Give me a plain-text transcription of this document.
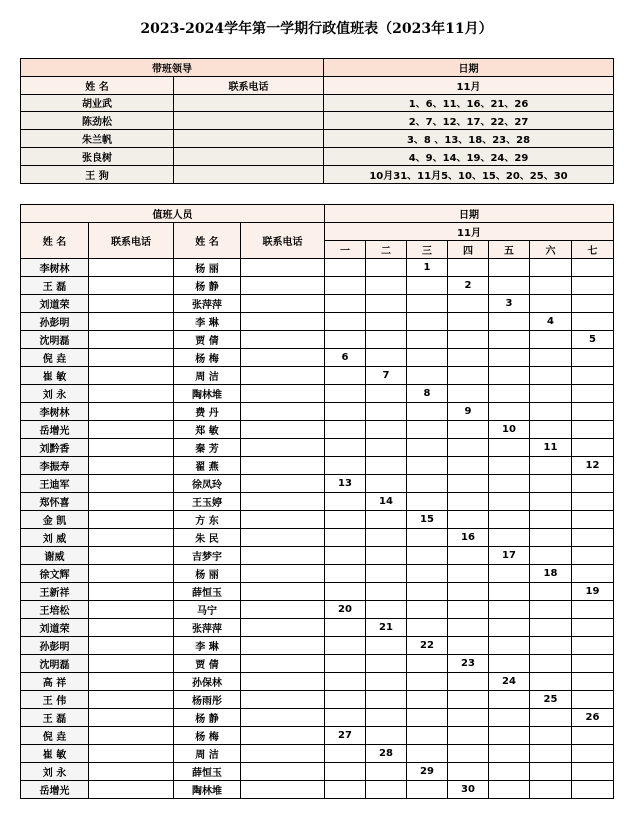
2023-2024学年第一学期行政值班表（2023年11月）
带班领导		日期
姓 名	联系电话	11月
胡业武		1、6、11、16、21、26
陈劲松		2、7、12、17、22、27
朱兰帆		3、8 、13、18、23、28
张良树		4、9、14、19、24、29
王 狗		10月31、11月5、10、15、20、25、30
值班人员				日期						
姓 名	联系电话	姓 名	联系电话	11月						
				一	二	三	四	五	六	七
李树林		杨 丽				1				
王 磊		杨 静					2			
刘道荣		张萍萍						3		
孙彭明		李 琳							4	
沈明磊		贾 倩								5
倪 垚		杨 梅		6						
崔 敏		周 洁			7					
刘 永		陶林堆				8				
李树林		费 丹					9			
岳增光		郑 敏						10		
刘黔香		秦 芳							11	
李振寿		翟 燕								12
王迪军		徐凤玲		13						
郑怀喜		王玉婷			14					
金 凯		方 东				15				
刘 威		朱 民					16			
谢威		吉梦宇						17		
徐文辉		杨 丽							18	
王新祥		薛恒玉								19
王培松		马宁		20						
刘道荣		张萍萍			21					
孙彭明		李 琳				22				
沈明磊		贾 倩					23			
高 祥		孙保林						24		
王 伟		杨雨彤							25	
王 磊		杨 静								26
倪 垚		杨 梅		27						
崔 敏		周 洁			28					
刘 永		薛恒玉				29				
岳增光		陶林堆					30			
